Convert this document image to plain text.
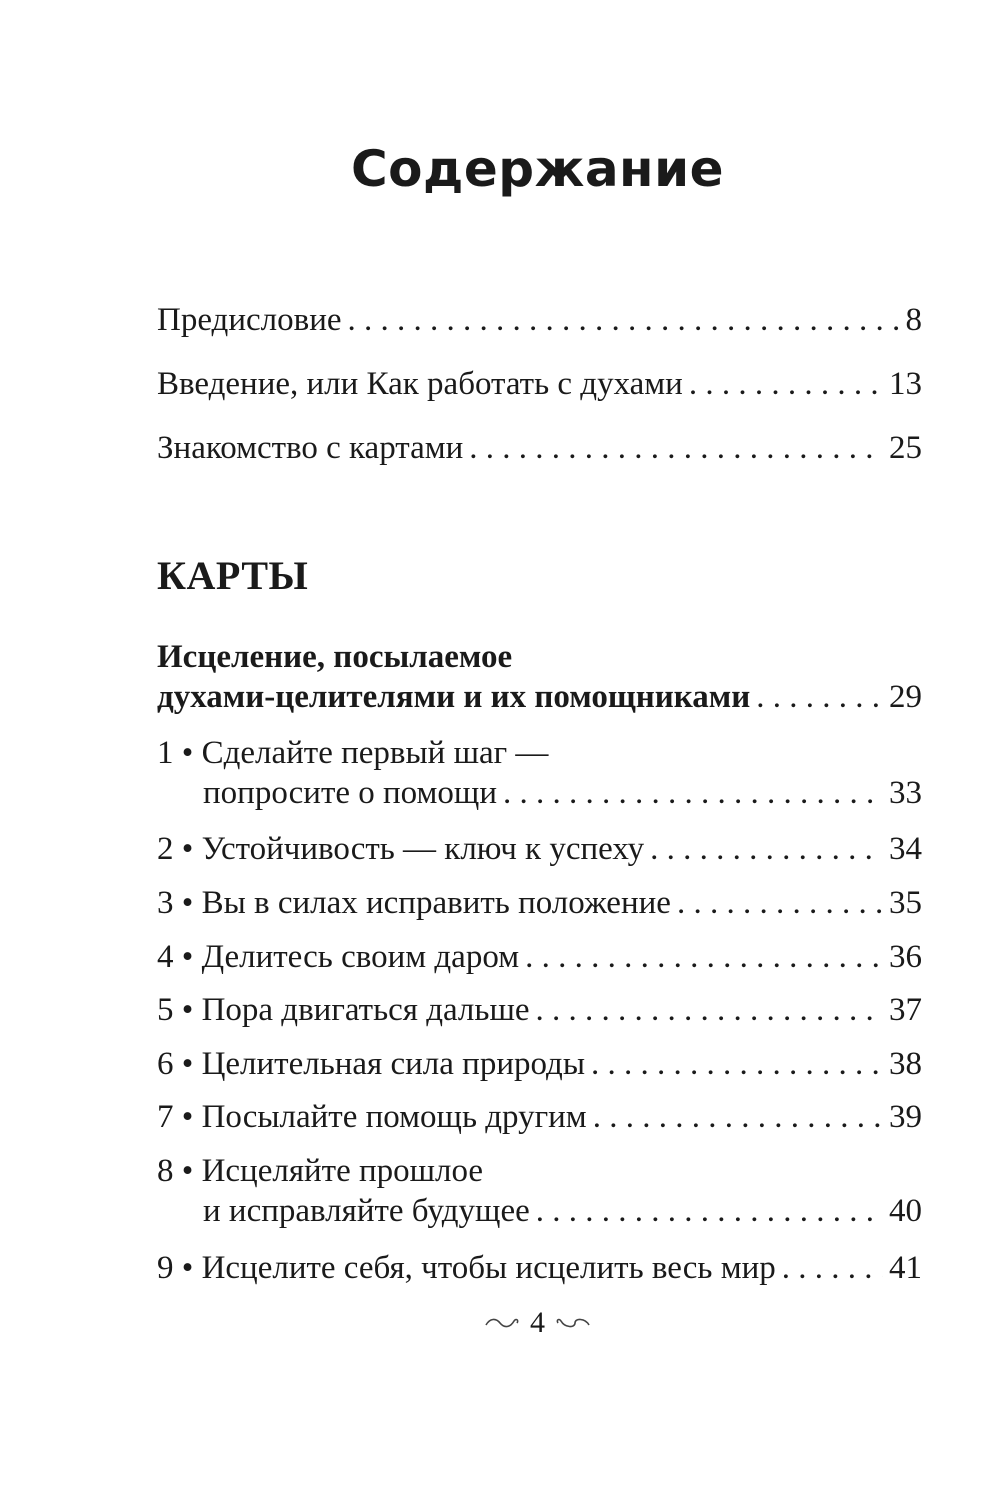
Содержание
Предисловие . . .	8
Введение, или Как работать с духами . . .	13
Знакомство с картами . . .	25
КАРТЫ
Исцеление, посылаемое
духами-целителями и их помощниками . . .	29
1 • Сделайте первый шаг —
попросите о помощи . . .	33
2 • Устойчивость — ключ к успеху . . .	34
3 • Вы в силах исправить положение . . .	35
4 • Делитесь своим даром . . .	36
5 • Пора двигаться дальше . . .	37
6 • Целительная сила природы . . .	38
7 • Посылайте помощь другим . . .	39
8 • Исцеляйте прошлое
и исправляйте будущее . . .	40
9 • Исцелите себя, чтобы исцелить весь мир . . .	41
4
